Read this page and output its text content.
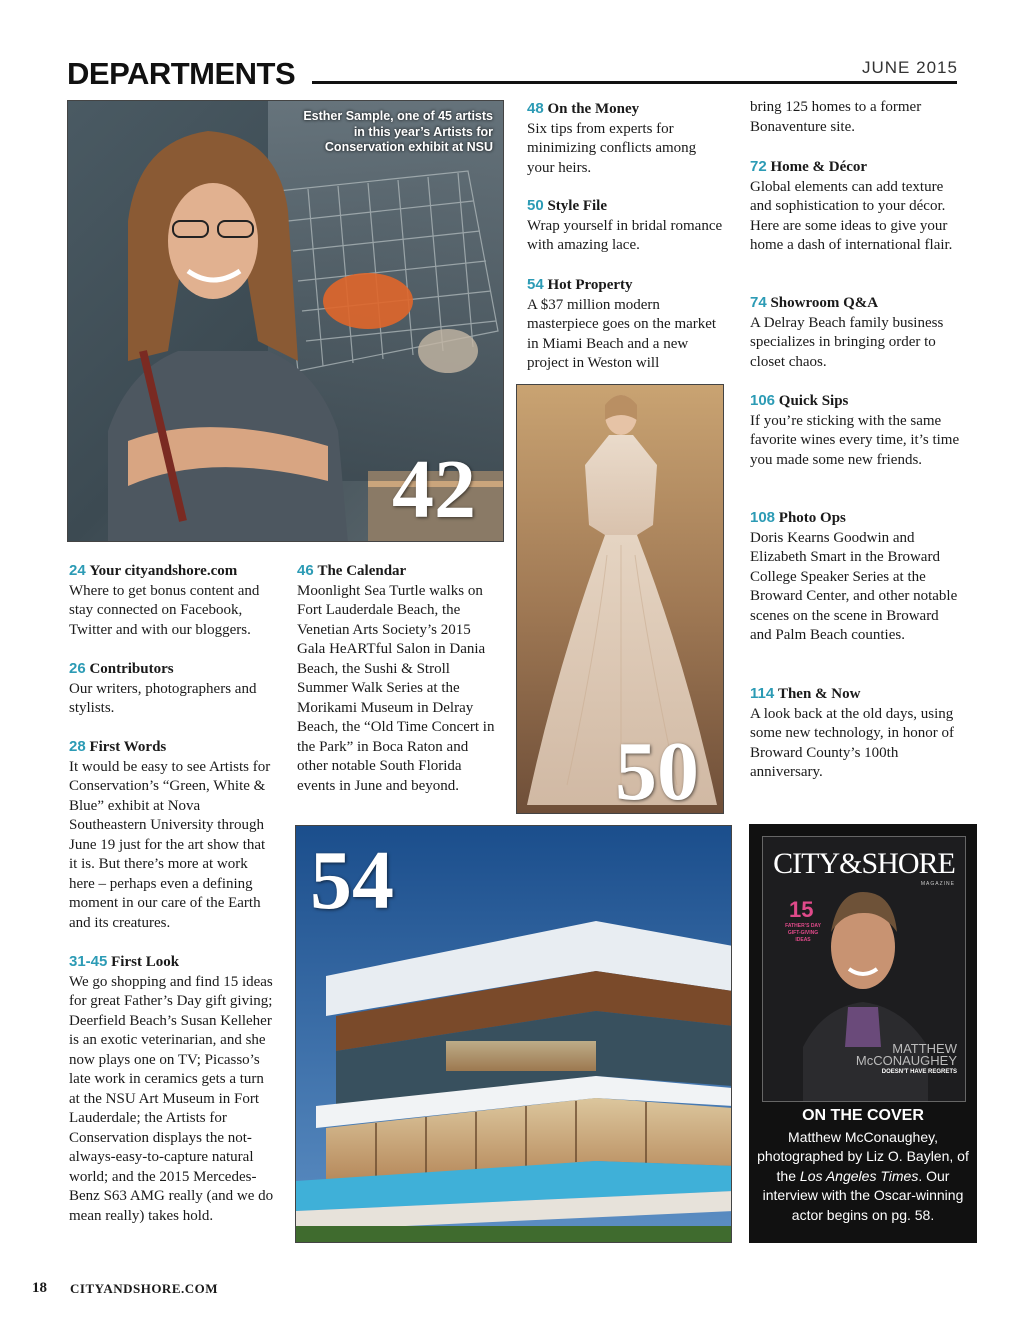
DEPARTMENTS	JUNE 2015
Esther Sample, one of 45 artists in this year’s Artists for Conservation exhibit at NSU
42
50
54
24 Your cityandshore.com
Where to get bonus content and stay connected on Facebook, Twitter and with our bloggers.
26 Contributors
Our writers, photographers and stylists.
28 First Words
It would be easy to see Artists for Conservation’s “Green, White & Blue” exhibit at Nova Southeastern University through June 19 just for the art show that it is. But there’s more at work here – perhaps even a defining moment in our care of the Earth and its creatures.
31-45 First Look
We go shopping and find 15 ideas for great Father’s Day gift giving; Deerfield Beach’s Susan Kelleher is an exotic veterinarian, and she now plays one on TV; Picasso’s late work in ceramics gets a turn at the NSU Art Museum in Fort Lauderdale; the Artists for Conservation displays the not-always-easy-to-capture natural world; and the 2015 Mercedes-Benz S63 AMG really (and we do mean really) takes hold.
46 The Calendar
Moonlight Sea Turtle walks on Fort Lauderdale Beach, the Venetian Arts Society’s 2015 Gala HeARTful Salon in Dania Beach, the Sushi & Stroll Summer Walk Series at the Morikami Museum in Delray Beach, the “Old Time Concert in the Park” in Boca Raton and other notable South Florida events in June and beyond.
48 On the Money
Six tips from experts for minimizing conflicts among your heirs.
50 Style File
Wrap yourself in bridal romance with amazing lace.
54 Hot Property
A $37 million modern masterpiece goes on the market in Miami Beach and a new project in Weston will
bring 125 homes to a former Bonaventure site.
72 Home & Décor
Global elements can add texture and sophistication to your décor. Here are some ideas to give your home a dash of international flair.
74 Showroom Q&A
A Delray Beach family business specializes in bringing order to closet chaos.
106 Quick Sips
If you’re sticking with the same favorite wines every time, it’s time you made some new friends.
108 Photo Ops
Doris Kearns Goodwin and Elizabeth Smart in the Broward College Speaker Series at the Broward Center, and other notable scenes on the scene in Broward and Palm Beach counties.
114 Then & Now
A look back at the old days, using some new technology, in honor of Broward County’s 100th anniversary.
CITY&SHORE
MAGAZINE
15
FATHER’S DAY GIFT-GIVING IDEAS
MATTHEW
McCONAUGHEY
DOESN’T HAVE REGRETS
ON THE COVER
Matthew McConaughey, photographed by Liz O. Baylen, of the Los Angeles Times. Our interview with the Oscar-winning actor begins on pg. 58.
18 CITYANDSHORE.COM
